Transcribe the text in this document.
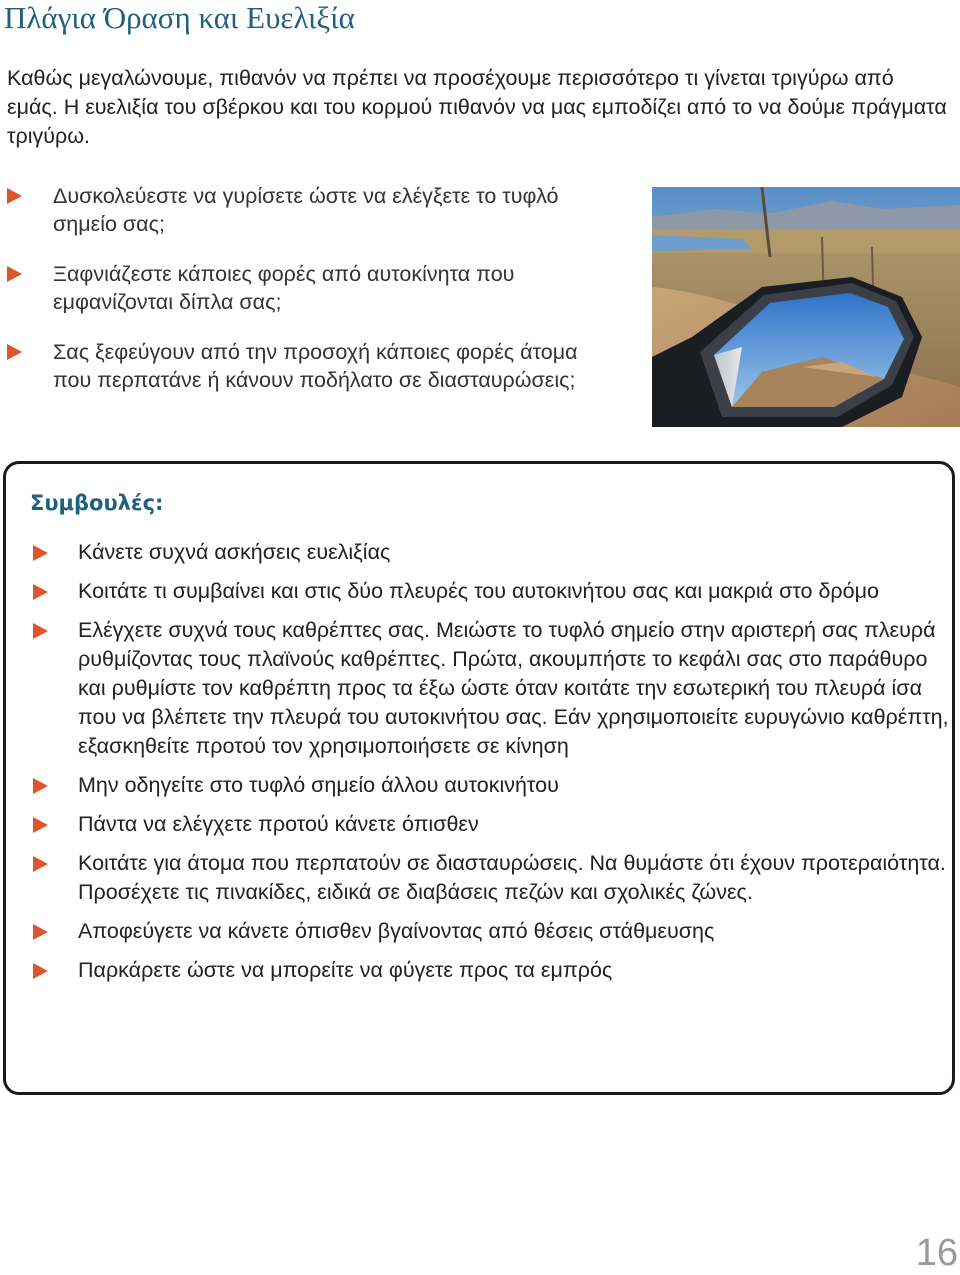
Πλάγια Όραση και Ευελιξία
Καθώς μεγαλώνουμε, πιθανόν να πρέπει να προσέχουμε περισσότερο τι γίνεται τριγύρω από εμάς. Η ευελιξία του σβέρκου και του κορμού πιθανόν να μας εμποδίζει από το να δούμε πράγματα τριγύρω.
Δυσκολεύεστε να γυρίσετε ώστε να ελέγξετε το τυφλό σημείο σας;
Ξαφνιάζεστε κάποιες φορές από αυτοκίνητα που εμφανίζονται δίπλα σας;
Σας ξεφεύγουν από την προσοχή κάποιες φορές άτομα που περπατάνε ή κάνουν ποδήλατο σε διασταυρώσεις;
Συμβουλές:
Κάνετε συχνά ασκήσεις ευελιξίας
Κοιτάτε τι συμβαίνει και στις δύο πλευρές του αυτοκινήτου σας και μακριά στο δρόμο
Ελέγχετε συχνά τους καθρέπτες σας. Μειώστε το τυφλό σημείο στην αριστερή σας πλευρά ρυθμίζοντας τους πλαϊνούς καθρέπτες. Πρώτα, ακουμπήστε το κεφάλι σας στο παράθυρο και ρυθμίστε τον καθρέπτη προς τα έξω ώστε όταν κοιτάτε την εσωτερική του πλευρά ίσα που να βλέπετε την πλευρά του αυτοκινήτου σας. Εάν χρησιμοποιείτε ευρυγώνιο καθρέπτη, εξασκηθείτε προτού τον χρησιμοποιήσετε σε κίνηση
Μην οδηγείτε στο τυφλό σημείο άλλου αυτοκινήτου
Πάντα να ελέγχετε προτού κάνετε όπισθεν
Κοιτάτε για άτομα που περπατούν σε διασταυρώσεις. Να θυμάστε ότι έχουν προτεραιότητα. Προσέχετε τις πινακίδες, ειδικά σε διαβάσεις πεζών και σχολικές ζώνες.
Αποφεύγετε να κάνετε όπισθεν βγαίνοντας από θέσεις στάθμευσης
Παρκάρετε ώστε να μπορείτε να φύγετε προς τα εμπρός
16
